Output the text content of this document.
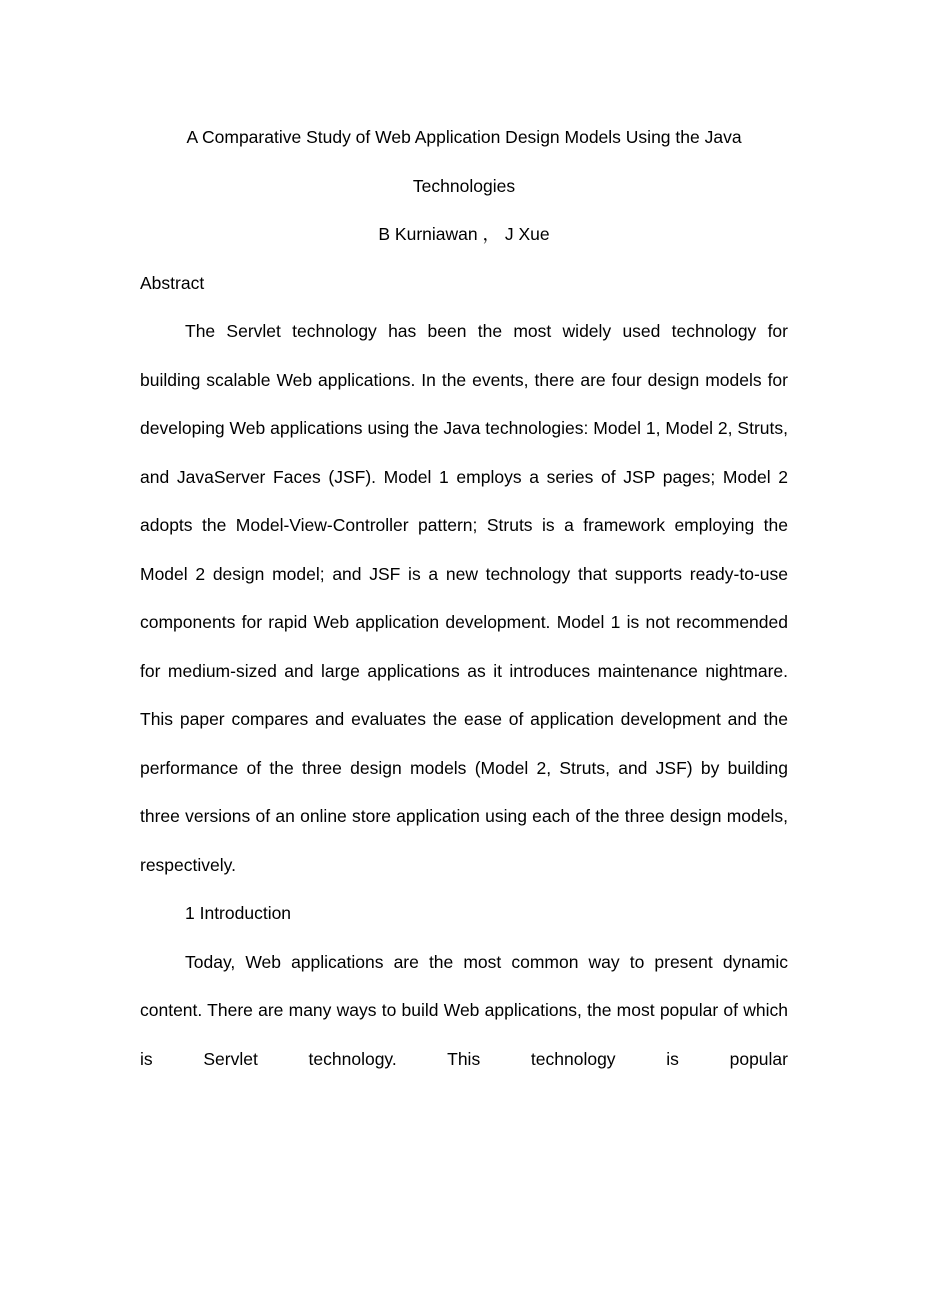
A Comparative Study of Web Application Design Models Using the Java Technologies
B Kurniawan ， J Xue
Abstract
The Servlet technology has been the most widely used technology for building scalable Web applications. In the events, there are four design models for developing Web applications using the Java technologies: Model 1, Model 2, Struts, and JavaServer Faces (JSF). Model 1 employs a series of JSP pages; Model 2 adopts the Model-View-Controller pattern; Struts is a framework employing the Model 2 design model; and JSF is a new technology that supports ready-to-use components for rapid Web application development. Model 1 is not recommended for medium-sized and large applications as it introduces maintenance nightmare. This paper compares and evaluates the ease of application development and the performance of the three design models (Model 2, Struts, and JSF) by building three versions of an online store application using each of the three design models, respectively.
1 Introduction
Today, Web applications are the most common way to present dynamic content. There are many ways to build Web applications, the most popular of which is Servlet technology. This technology is popular
